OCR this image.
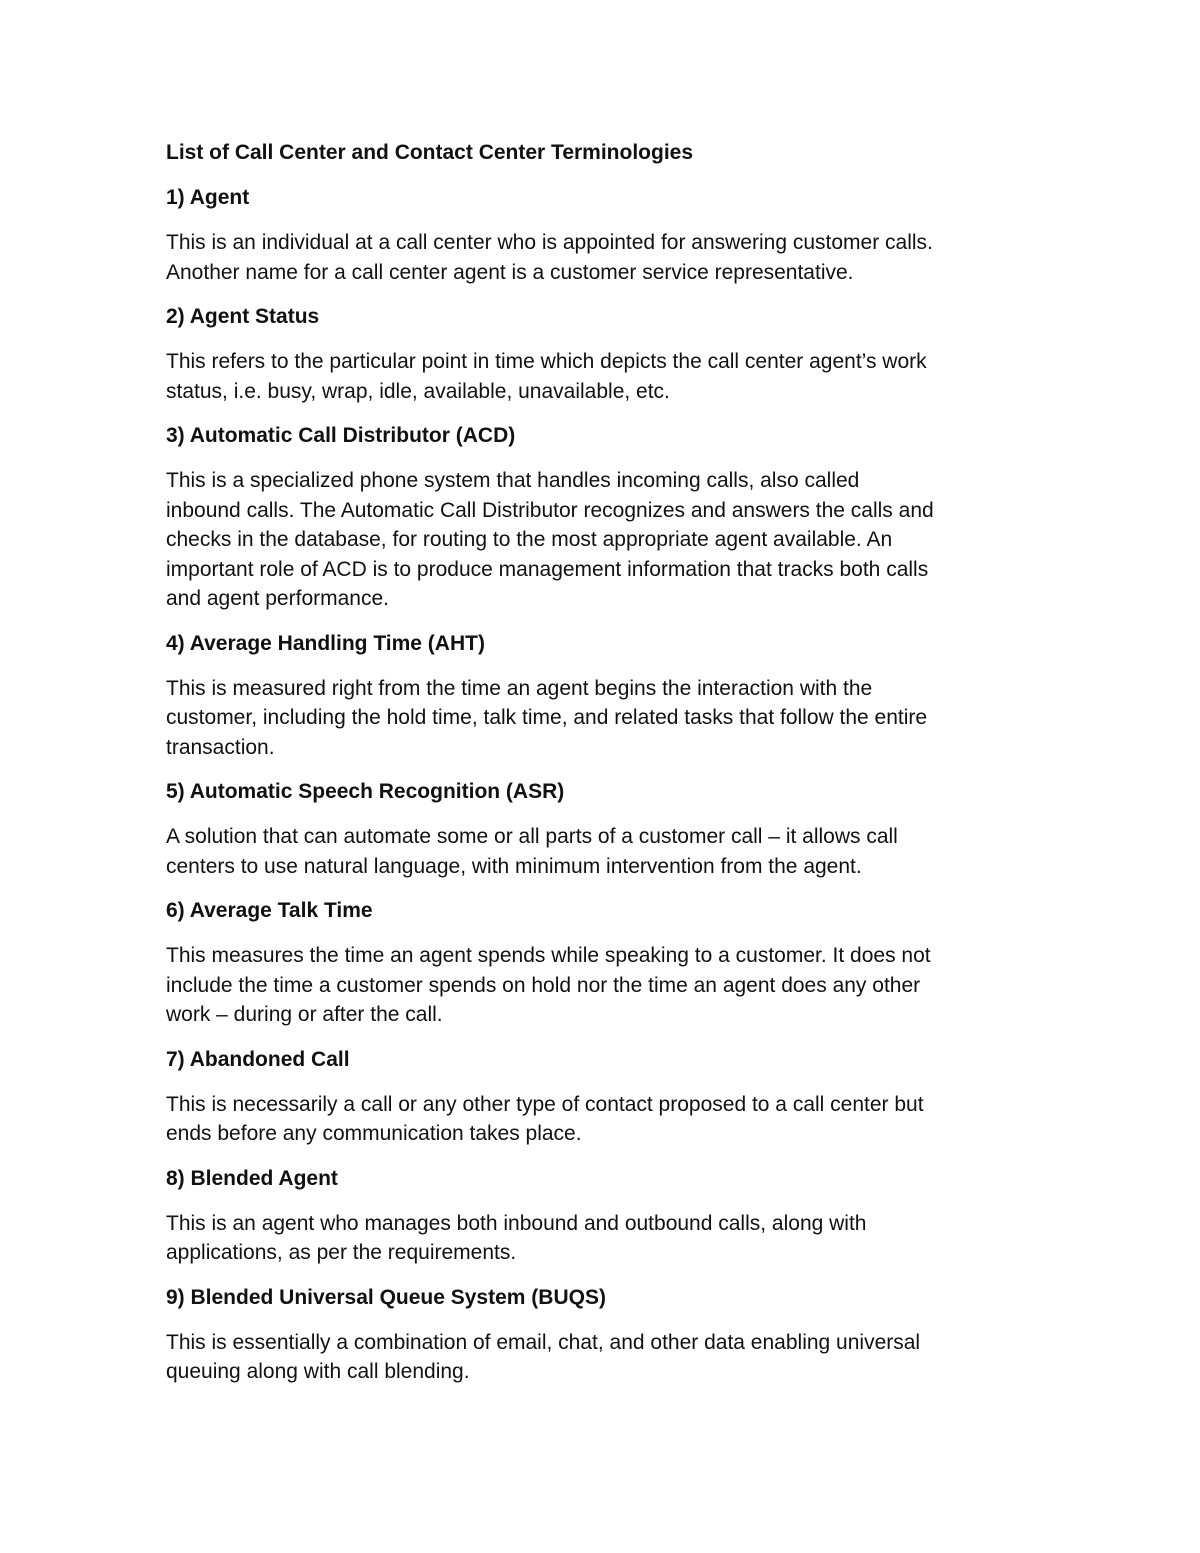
List of Call Center and Contact Center Terminologies
1) Agent
This is an individual at a call center who is appointed for answering customer calls.
Another name for a call center agent is a customer service representative.
2) Agent Status
This refers to the particular point in time which depicts the call center agent’s work
status, i.e. busy, wrap, idle, available, unavailable, etc.
3) Automatic Call Distributor (ACD)
This is a specialized phone system that handles incoming calls, also called
inbound calls. The Automatic Call Distributor recognizes and answers the calls and
checks in the database, for routing to the most appropriate agent available. An
important role of ACD is to produce management information that tracks both calls
and agent performance.
4) Average Handling Time (AHT)
This is measured right from the time an agent begins the interaction with the
customer, including the hold time, talk time, and related tasks that follow the entire
transaction.
5) Automatic Speech Recognition (ASR)
A solution that can automate some or all parts of a customer call – it allows call
centers to use natural language, with minimum intervention from the agent.
6) Average Talk Time
This measures the time an agent spends while speaking to a customer. It does not
include the time a customer spends on hold nor the time an agent does any other
work – during or after the call.
7) Abandoned Call
This is necessarily a call or any other type of contact proposed to a call center but
ends before any communication takes place.
8) Blended Agent
This is an agent who manages both inbound and outbound calls, along with
applications, as per the requirements.
9) Blended Universal Queue System (BUQS)
This is essentially a combination of email, chat, and other data enabling universal
queuing along with call blending.
